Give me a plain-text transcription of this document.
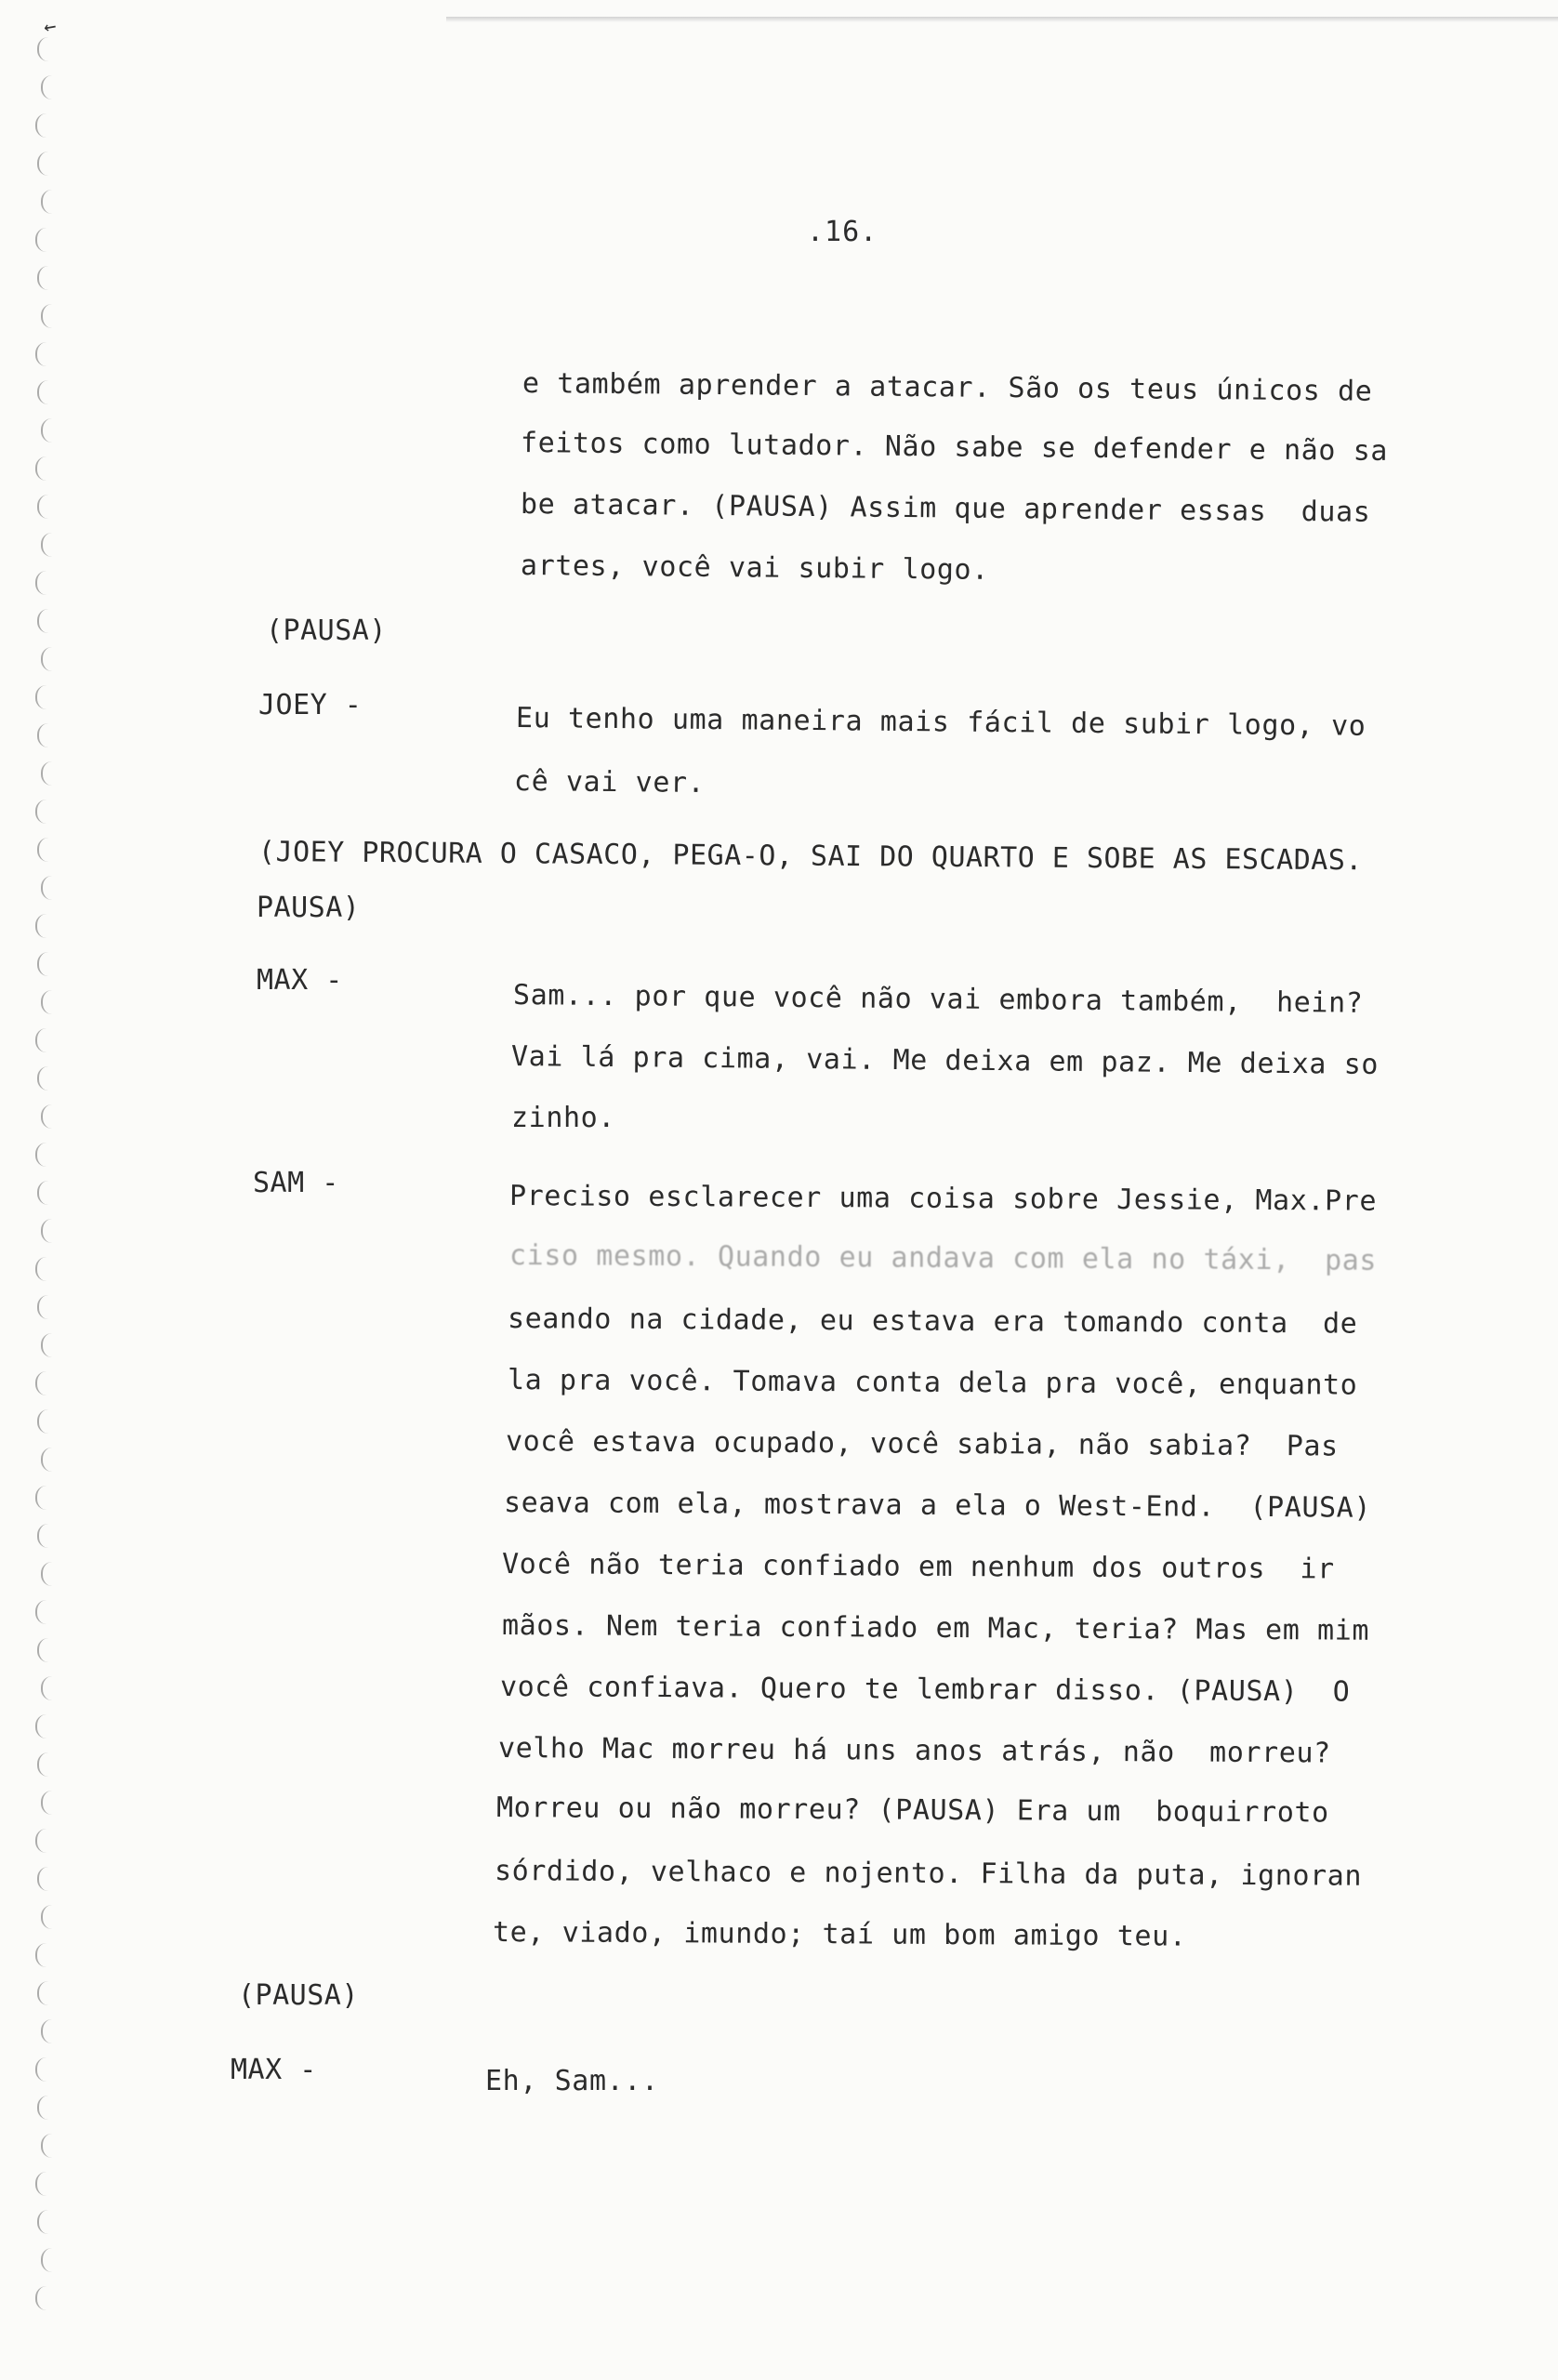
←
.16.
e também aprender a atacar. São os teus únicos de
feitos como lutador. Não sabe se defender e não sa
be atacar. (PAUSA) Assim que aprender essas  duas
artes, você vai subir logo.
(PAUSA)
JOEY -	Eu tenho uma maneira mais fácil de subir logo, vo
cê vai ver.
(JOEY PROCURA O CASACO, PEGA-O, SAI DO QUARTO E SOBE AS ESCADAS.
PAUSA)
MAX -	Sam... por que você não vai embora também,  hein?
Vai lá pra cima, vai. Me deixa em paz. Me deixa so
zinho.
SAM -	Preciso esclarecer uma coisa sobre Jessie, Max.Pre
ciso mesmo. Quando eu andava com ela no táxi,  pas
seando na cidade, eu estava era tomando conta  de
la pra você. Tomava conta dela pra você, enquanto
você estava ocupado, você sabia, não sabia?  Pas
seava com ela, mostrava a ela o West-End.  (PAUSA)
Você não teria confiado em nenhum dos outros  ir
mãos. Nem teria confiado em Mac, teria? Mas em mim
você confiava. Quero te lembrar disso. (PAUSA)  O
velho Mac morreu há uns anos atrás, não  morreu?
Morreu ou não morreu? (PAUSA) Era um  boquirroto
sórdido, velhaco e nojento. Filha da puta, ignoran
te, viado, imundo; taí um bom amigo teu.
(PAUSA)
MAX -	Eh, Sam...
